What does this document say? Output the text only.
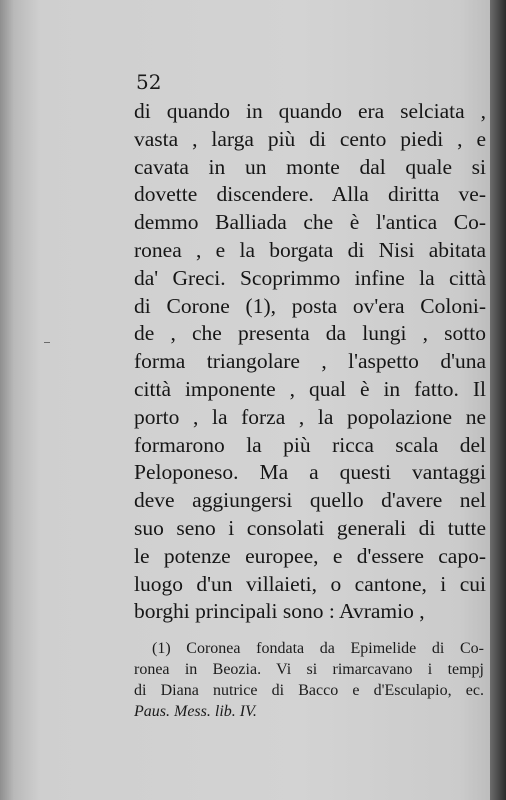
52

di quando in quando era selciata ,
vasta , larga più di cento piedi , e
cavata in un monte dal quale si
dovette discendere. Alla diritta ve-
demmo Balliada che è l'antica Co-
ronea , e la borgata di Nisi abitata
da' Greci. Scoprimmo infine la città
di Corone (1), posta ov'era Coloni-
de , che presenta da lungi , sotto
forma triangolare , l'aspetto d'una
città imponente , qual è in fatto. Il
porto , la forza , la popolazione ne
formarono la più ricca scala del
Peloponeso. Ma a questi vantaggi
deve aggiungersi quello d'avere nel
suo seno i consolati generali di tutte
le potenze europee, e d'essere capo-
luogo d'un villaieti, o cantone, i cui
borghi principali sono : Avramio ,
(1) Coronea fondata da Epimelide di Co-
ronea in Beozia. Vi si rimarcavano i tempj
di Diana nutrice di Bacco e d'Esculapio, ec.
Paus. Mess. lib. IV.
